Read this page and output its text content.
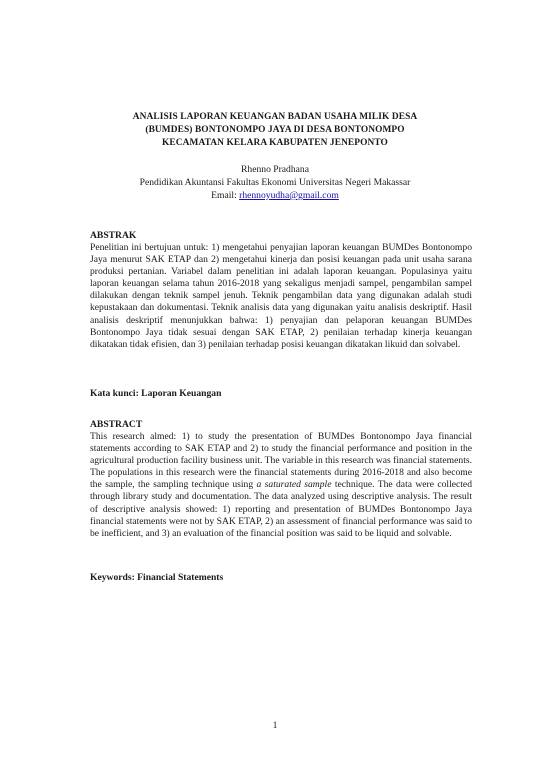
ANALISIS LAPORAN KEUANGAN BADAN USAHA MILIK DESA
(BUMDES) BONTONOMPO JAYA DI DESA BONTONOMPO
KECAMATAN KELARA KABUPATEN JENEPONTO
Rhenno Pradhana
Pendidikan Akuntansi Fakultas Ekonomi Universitas Negeri Makassar
Email: rhennoyudha@gmail.com
ABSTRAK

Penelitian ini bertujuan untuk: 1) mengetahui penyajian laporan keuangan BUMDes Bontonompo Jaya menurut SAK ETAP dan 2) mengetahui kinerja dan posisi keuangan pada unit usaha sarana produksi pertanian. Variabel dalam penelitian ini adalah laporan keuangan. Populasinya yaitu laporan keuangan selama tahun 2016-2018 yang sekaligus menjadi sampel, pengambilan sampel dilakukan dengan teknik sampel jenuh. Teknik pengambilan data yang digunakan adalah studi kepustakaan dan dokumentasi. Teknik analisis data yang digunakan yaitu analisis deskriptif. Hasil analisis deskriptif menunjukkan bahwa: 1) penyajian dan pelaporan keuangan BUMDes Bontonompo Jaya tidak sesuai dengan SAK ETAP, 2) penilaian terhadap kinerja keuangan dikatakan tidak efisien, dan 3) penilaian terhadap posisi keuangan dikatakan likuid dan solvabel.

Kata kunci: Laporan Keuangan
ABSTRACT

This research almed: 1) to study the presentation of BUMDes Bontonompo Jaya financial statements according to SAK ETAP and 2) to study the financial performance and position in the agricultural production facility business unit. The variable in this research was financial statements. The populations in this research were the financial statements during 2016-2018 and also become the sample, the sampling technique using a saturated sample technique. The data were collected through library study and documentation. The data analyzed using descriptive analysis. The result of descriptive analysis showed: 1) reporting and presentation of BUMDes Bontonompo Jaya financial statements were not by SAK ETAP, 2) an assessment of financial performance was said to be inefficient, and 3) an evaluation of the financial position was said to be liquid and solvable.

Keywords: Financial Statements
1
